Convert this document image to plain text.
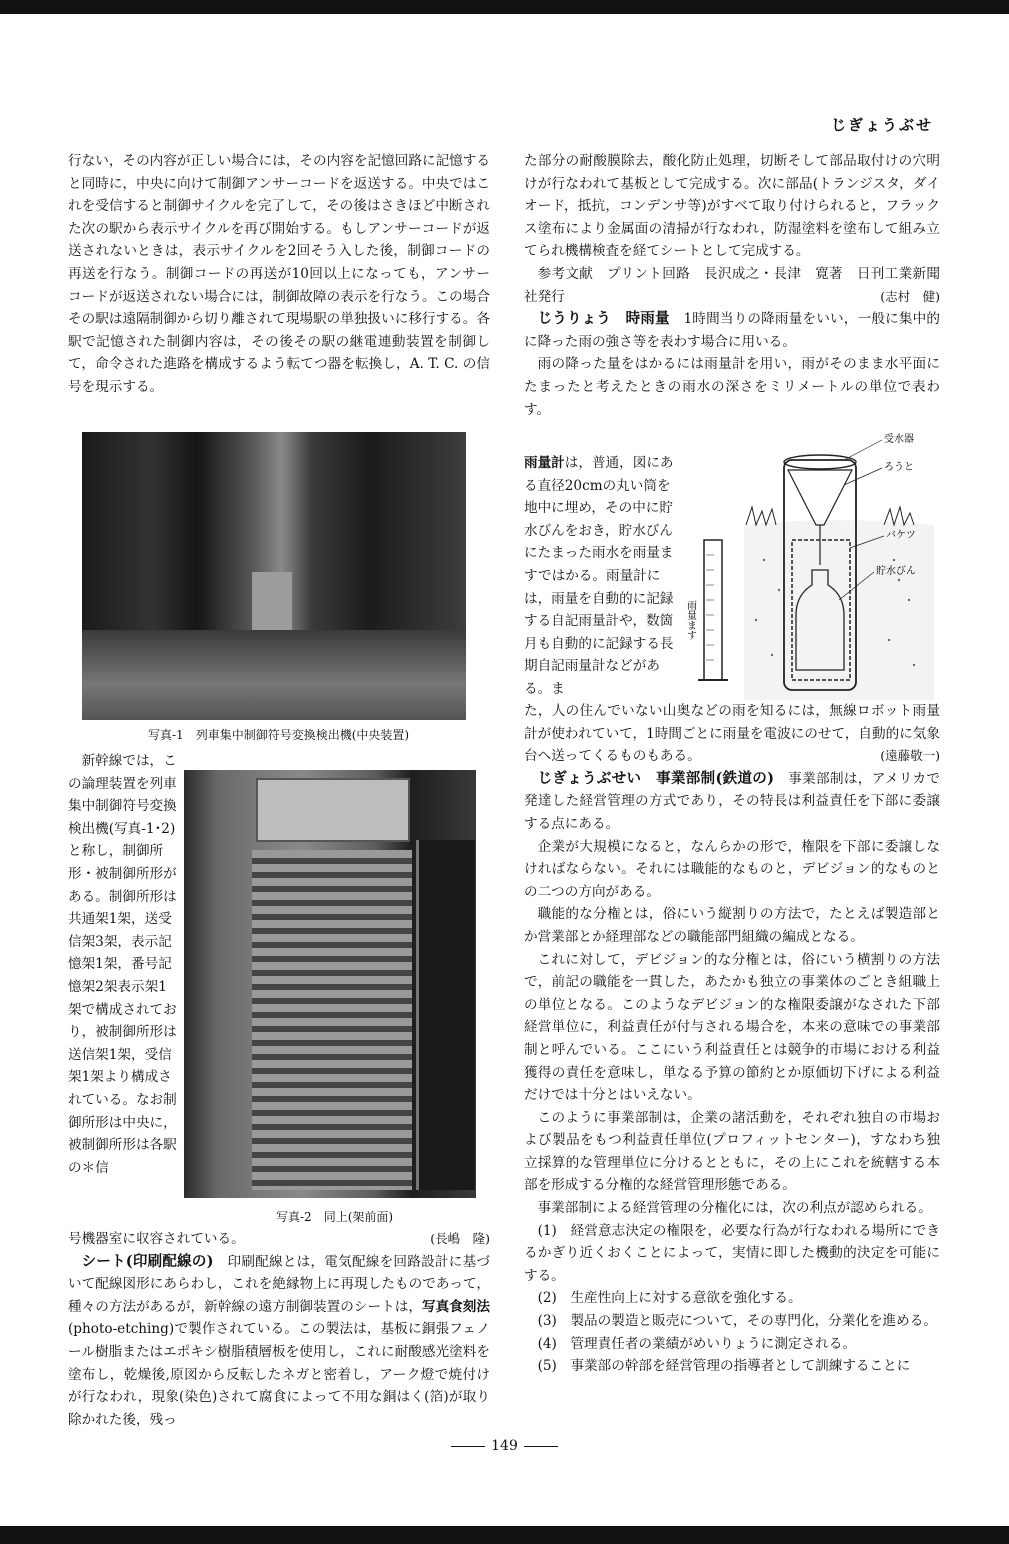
じぎょうぶせ

行ない，その内容が正しい場合には，その内容を記憶回路に記憶すると同時に，中央に向けて制御アンサーコードを返送する。中央ではこれを受信すると制御サイクルを完了して，その後はさきほど中断された次の駅から表示サイクルを再び開始する。もしアンサーコードが返送されないときは，表示サイクルを2回そう入した後，制御コードの再送を行なう。制御コードの再送が10回以上になっても，アンサーコードが返送されない場合には，制御故障の表示を行なう。この場合その駅は遠隔制御から切り離されて現場駅の単独扱いに移行する。各駅で記憶された制御内容は，その後その駅の継電連動装置を制御して，命令された進路を構成するよう転てつ器を転換し，A. T. C. の信号を現示する。

写真-1　列車集中制御符号変換検出機(中央装置)

新幹線では，この論理装置を列車集中制御符号変換検出機(写真-1･2)と称し，制御所形・被制御所形がある。制御所形は共通架1架，送受信架3架，表示記憶架1架，番号記憶架2架表示架1架で構成されており，被制御所形は送信架1架，受信架1架より構成されている。なお制御所形は中央に，被制御所形は各駅の＊信

写真-2　同上(架前面)

号機器室に収容されている。	(長嶋　隆)

シート(印刷配線の)　 印刷配線とは，電気配線を回路設計に基づいて配線図形にあらわし，これを絶縁物上に再現したものであって，種々の方法があるが，新幹線の遠方制御装置のシートは，写真食刻法(photo-etching)で製作されている。この製法は，基板に銅張フェノール樹脂またはエポキシ樹脂積層板を使用し，これに耐酸感光塗料を塗布し，乾燥後,原図から反転したネガと密着し，アーク燈で焼付けが行なわれ，現象(染色)されて腐食によって不用な銅はく(箔)が取り除かれた後，残っ

た部分の耐酸膜除去，酸化防止処理，切断そして部品取付けの穴明けが行なわれて基板として完成する。次に部品(トランジスタ，ダイオード，抵抗，コンデンサ等)がすべて取り付けられると，フラックス塗布により金属面の清掃が行なわれ，防湿塗料を塗布して組み立てられ機構検査を経てシートとして完成する。

参考文献　プリント回路　長沢成之・長津　寛著　日刊工業新聞社発行	(志村　健)

じうりょう　時雨量　 1時間当りの降雨量をいい，一般に集中的に降った雨の強さ等を表わす場合に用いる。

雨の降った量をはかるには雨量計を用い，雨がそのまま水平面にたまったと考えたときの雨水の深さをミリメートルの単位で表わす。

雨量計は，普通，図にある直径20cmの丸い筒を地中に埋め，その中に貯水びんをおき，貯水びんにたまった雨水を雨量ますではかる。雨量計には，雨量を自動的に記録する自記雨量計や，数箇月も自動的に記録する長期自記雨量計などがある。ま

雨量ます
受水器
ろうと
バケツ
貯水びん

た，人の住んでいない山奥などの雨を知るには，無線ロボット雨量計が使われていて，1時間ごとに雨量を電波にのせて，自動的に気象台へ送ってくるものもある。	(遠藤敬一)

じぎょうぶせい　事業部制(鉄道の)　 事業部制は，アメリカで発達した経営管理の方式であり，その特長は利益責任を下部に委譲する点にある。

企業が大規模になると，なんらかの形で，権限を下部に委譲しなければならない。それには職能的なものと，デビジョン的なものとの二つの方向がある。

職能的な分権とは，俗にいう縦割りの方法で，たとえば製造部とか営業部とか経理部などの職能部門組織の編成となる。

これに対して，デビジョン的な分権とは，俗にいう横割りの方法で，前記の職能を一貫した，あたかも独立の事業体のごとき組職上の単位となる。このようなデビジョン的な権限委譲がなされた下部経営単位に，利益責任が付与される場合を，本来の意味での事業部制と呼んでいる。ここにいう利益責任とは競争的市場における利益獲得の責任を意味し，単なる予算の節約とか原価切下げによる利益だけでは十分とはいえない。

このように事業部制は，企業の諸活動を，それぞれ独自の市場および製品をもつ利益責任単位(プロフィットセンター)，すなわち独立採算的な管理単位に分けるとともに，その上にこれを統轄する本部を形成する分権的な経営管理形態である。

事業部制による経営管理の分権化には，次の利点が認められる。

(1)　経営意志決定の権限を，必要な行為が行なわれる場所にできるかぎり近くおくことによって，実情に即した機動的決定を可能にする。

(2)　生産性向上に対する意欲を強化する。

(3)　製品の製造と販売について，その専門化，分業化を進める。

(4)　管理責任者の業績がめいりょうに測定される。

(5)　事業部の幹部を経営管理の指導者として訓練することに

149
